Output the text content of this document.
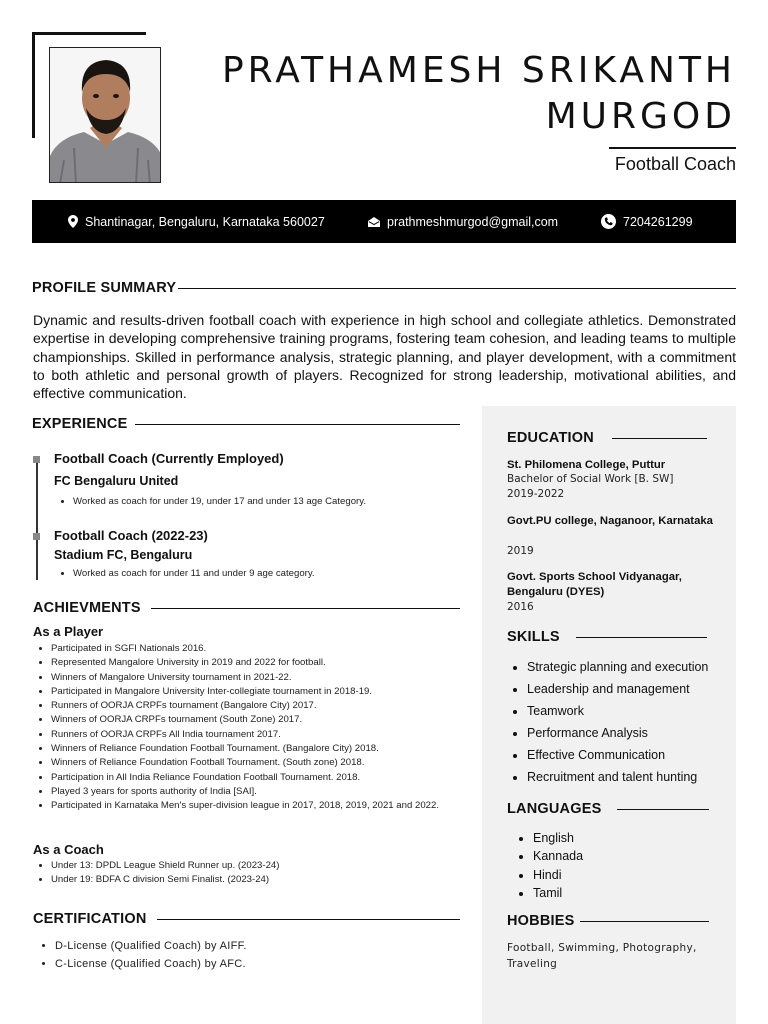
PRATHAMESH SRIKANTH MURGOD
Football Coach
Shantinagar, Bengaluru, Karnataka 560027	prathmeshmurgod@gmail,com	7204261299
PROFILE SUMMARY

Dynamic and results-driven football coach with experience in high school and collegiate athletics. Demonstrated expertise in developing comprehensive training programs, fostering team cohesion, and leading teams to multiple championships. Skilled in performance analysis, strategic planning, and player development, with a commitment to both athletic and personal growth of players. Recognized for strong leadership, motivational abilities, and effective communication.

EXPERIENCE
Football Coach (Currently Employed)
FC Bengaluru United
• Worked as coach for under 19, under 17 and under 13 age Category.
Football Coach (2022-23)
Stadium FC, Bengaluru
• Worked as coach for under 11 and under 9 age category.
ACHIEVMENTS
As a Player
• Participated in SGFI Nationals 2016.
• Represented Mangalore University in 2019 and 2022 for football.
• Winners of Mangalore University tournament in 2021-22.
• Participated in Mangalore University Inter-collegiate tournament in 2018-19.
• Runners of OORJA CRPFs tournament (Bangalore City) 2017.
• Winners of OORJA CRPFs tournament (South Zone) 2017.
• Runners of OORJA CRPFs All India tournament 2017.
• Winners of Reliance Foundation Football Tournament. (Bangalore City) 2018.
• Winners of Reliance Foundation Football Tournament. (South zone) 2018.
• Participation in All India Reliance Foundation Football Tournament. 2018.
• Played 3 years for sports authority of India [SAI].
• Participated in Karnataka Men's super-division league in 2017, 2018, 2019, 2021 and 2022.
As a Coach
• Under 13: DPDL League Shield Runner up. (2023-24)
• Under 19: BDFA C division Semi Finalist. (2023-24)
CERTIFICATION
• D-License (Qualified Coach) by AIFF.
• C-License (Qualified Coach) by AFC.
EDUCATION
St. Philomena College, Puttur
Bachelor of Social Work [B. SW]
2019-2022
Govt.PU college, Naganoor, Karnataka
2019
Govt. Sports School Vidyanagar, Bengaluru (DYES)
2016
SKILLS
• Strategic planning and execution
• Leadership and management
• Teamwork
• Performance Analysis
• Effective Communication
• Recruitment and talent hunting
LANGUAGES
• English
• Kannada
• Hindi
• Tamil
HOBBIES
Football, Swimming, Photography, Traveling
